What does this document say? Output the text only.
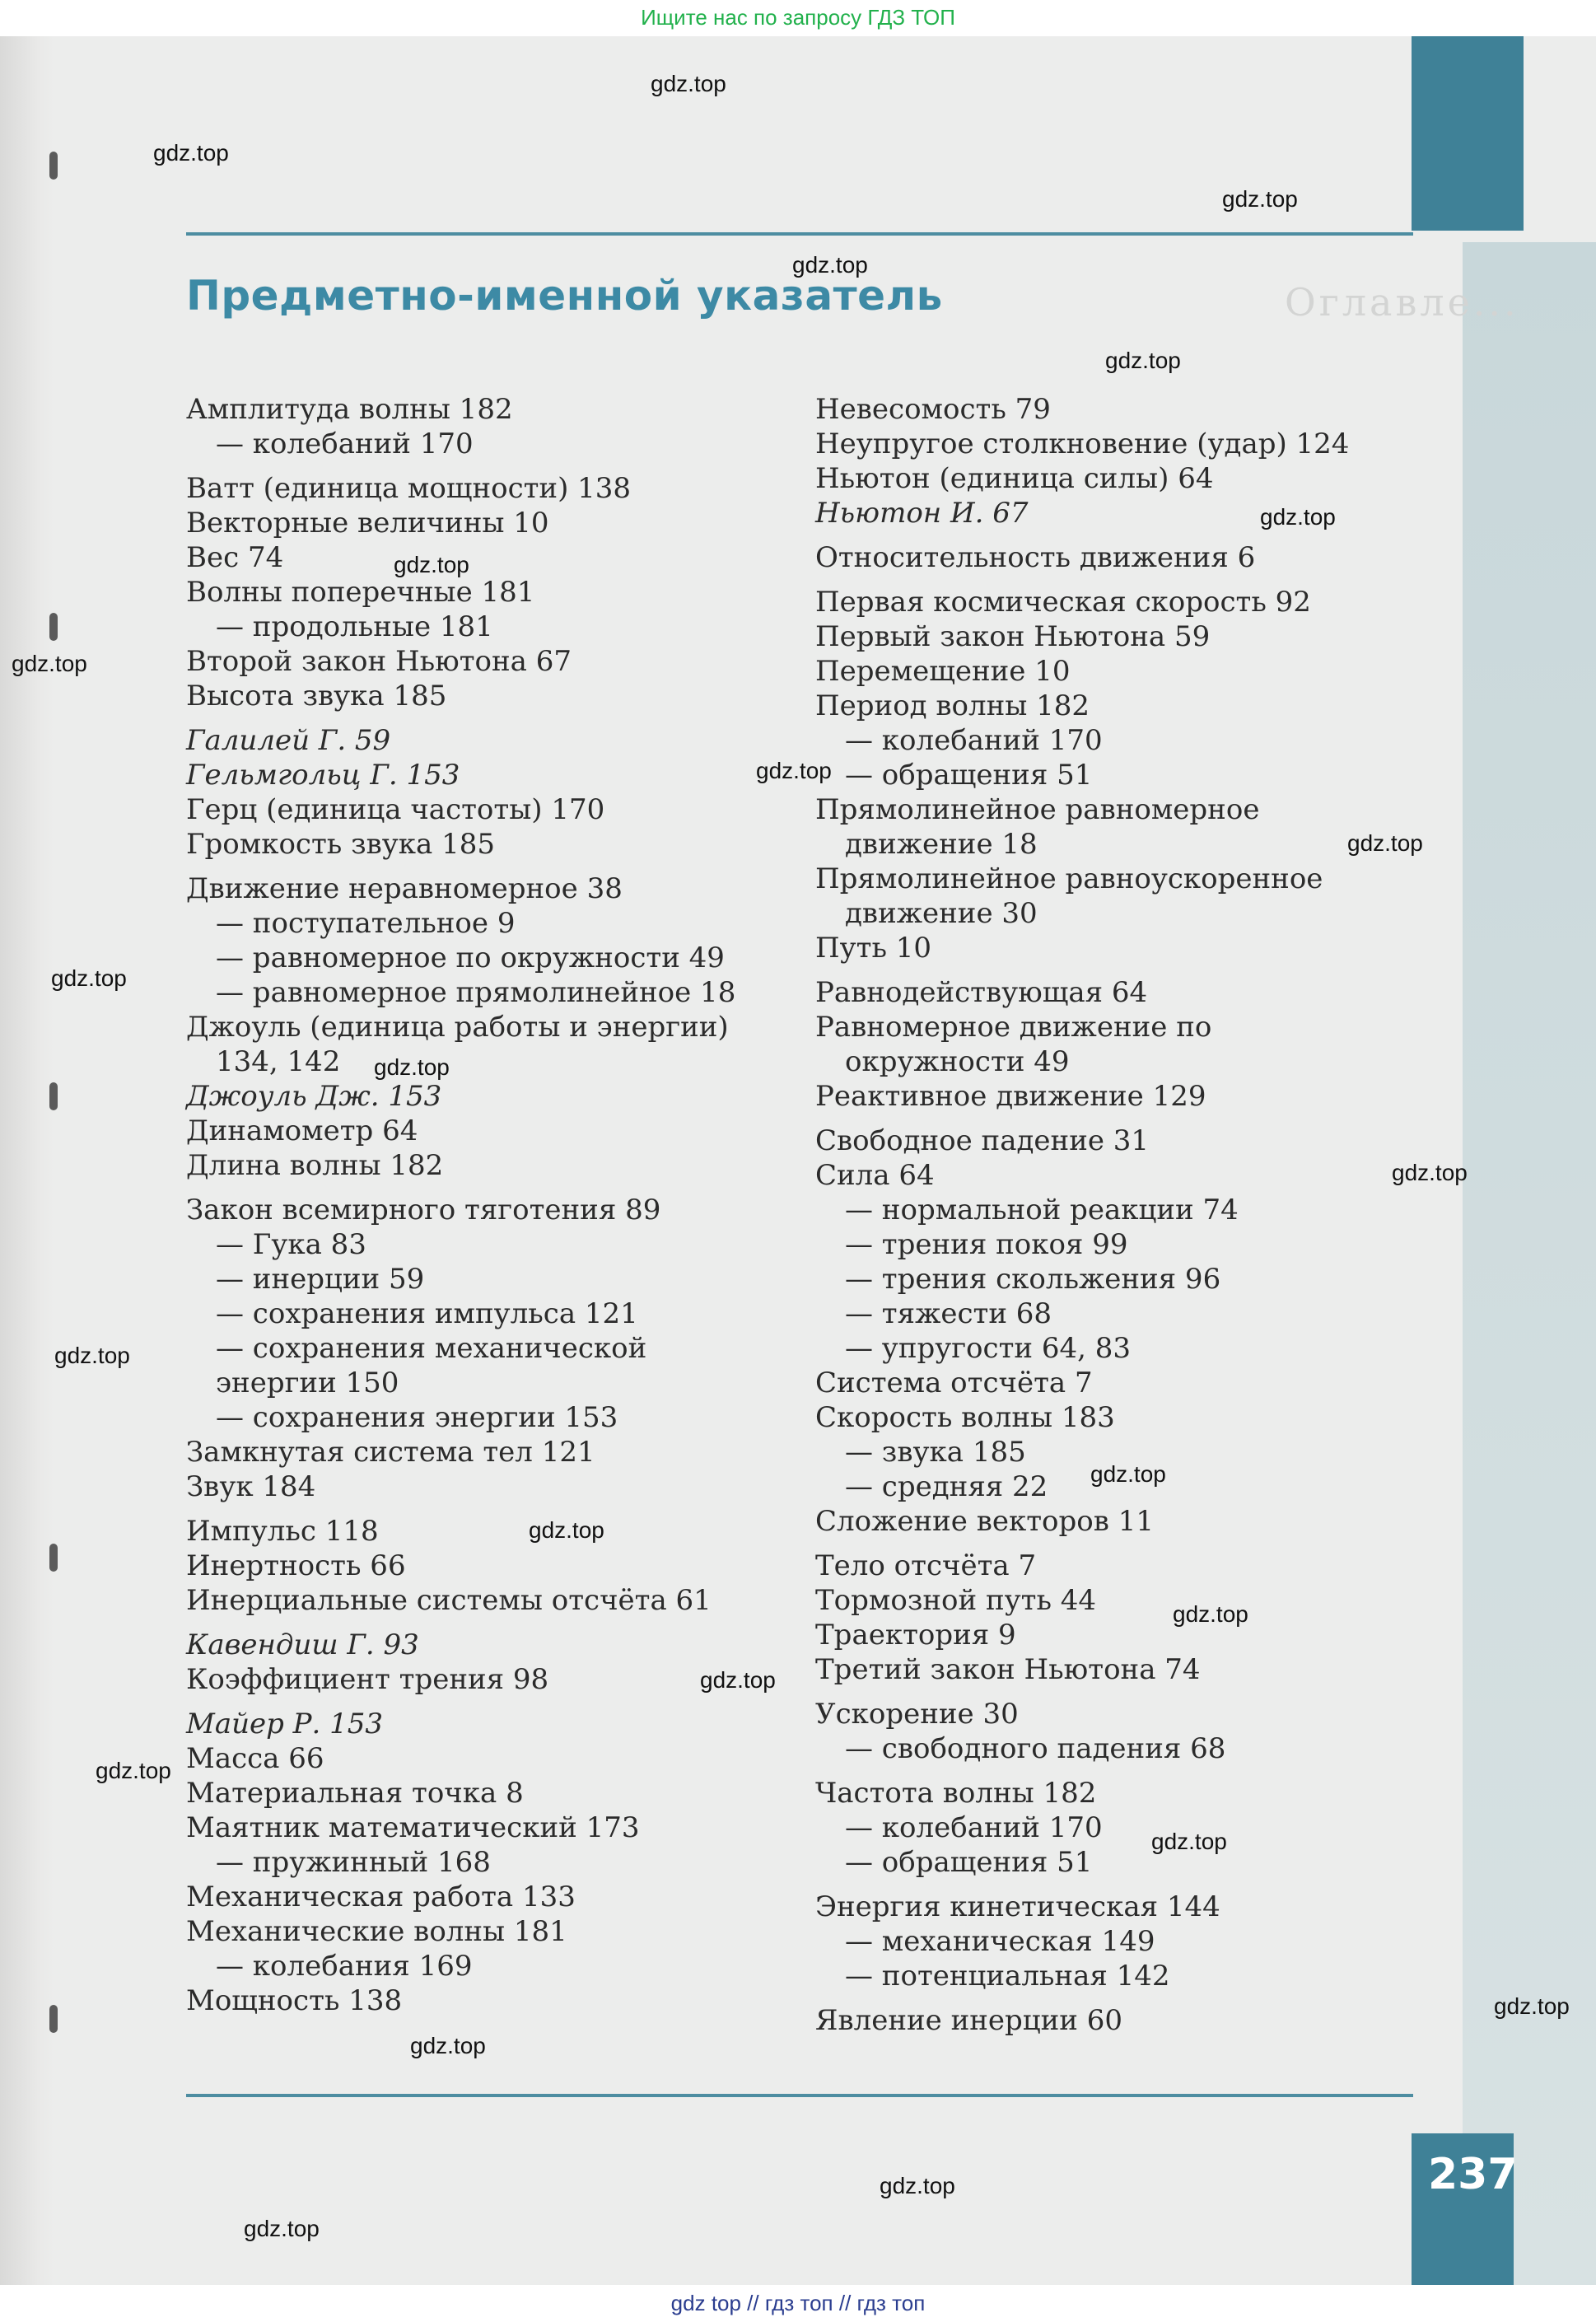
Ищите нас по запросу ГДЗ ТОП
237
Оглавле...
Предметно-именной указатель
Амплитуда волны 182
— колебаний 170
Ватт (единица мощности) 138
Векторные величины 10
Вес 74
Волны поперечные 181
— продольные 181
Второй закон Ньютона 67
Высота звука 185
Галилей Г. 59
Гельмгольц Г. 153
Герц (единица частоты) 170
Громкость звука 185
Движение неравномерное 38
— поступательное 9
— равномерное по окружности 49
— равномерное прямолинейное 18
Джоуль (единица работы и энергии)
134, 142
Джоуль Дж. 153
Динамометр 64
Длина волны 182
Закон всемирного тяготения 89
— Гука 83
— инерции 59
— сохранения импульса 121
— сохранения механической
энергии 150
— сохранения энергии 153
Замкнутая система тел 121
Звук 184
Импульс 118
Инертность 66
Инерциальные системы отсчёта 61
Кавендиш Г. 93
Коэффициент трения 98
Майер Р. 153
Масса 66
Материальная точка 8
Маятник математический 173
— пружинный 168
Механическая работа 133
Механические волны 181
— колебания 169
Мощность 138
Невесомость 79
Неупругое столкновение (удар) 124
Ньютон (единица силы) 64
Ньютон И. 67
Относительность движения 6
Первая космическая скорость 92
Первый закон Ньютона 59
Перемещение 10
Период волны 182
— колебаний 170
— обращения 51
Прямолинейное равномерное
движение 18
Прямолинейное равноускоренное
движение 30
Путь 10
Равнодействующая 64
Равномерное движение по
окружности 49
Реактивное движение 129
Свободное падение 31
Сила 64
— нормальной реакции 74
— трения покоя 99
— трения скольжения 96
— тяжести 68
— упругости 64, 83
Система отсчёта 7
Скорость волны 183
— звука 185
— средняя 22
Сложение векторов 11
Тело отсчёта 7
Тормозной путь 44
Траектория 9
Третий закон Ньютона 74
Ускорение 30
— свободного падения 68
Частота волны 182
— колебаний 170
— обращения 51
Энергия кинетическая 144
— механическая 149
— потенциальная 142
Явление инерции 60
gdz.top
gdz.top
gdz.top
gdz.top
gdz.top
gdz.top
gdz.top
gdz.top
gdz.top
gdz.top
gdz.top
gdz.top
gdz.top
gdz.top
gdz.top
gdz.top
gdz.top
gdz.top
gdz.top
gdz.top
gdz.top
gdz.top
gdz.top
gdz.top
gdz top // гдз топ // гдз топ
